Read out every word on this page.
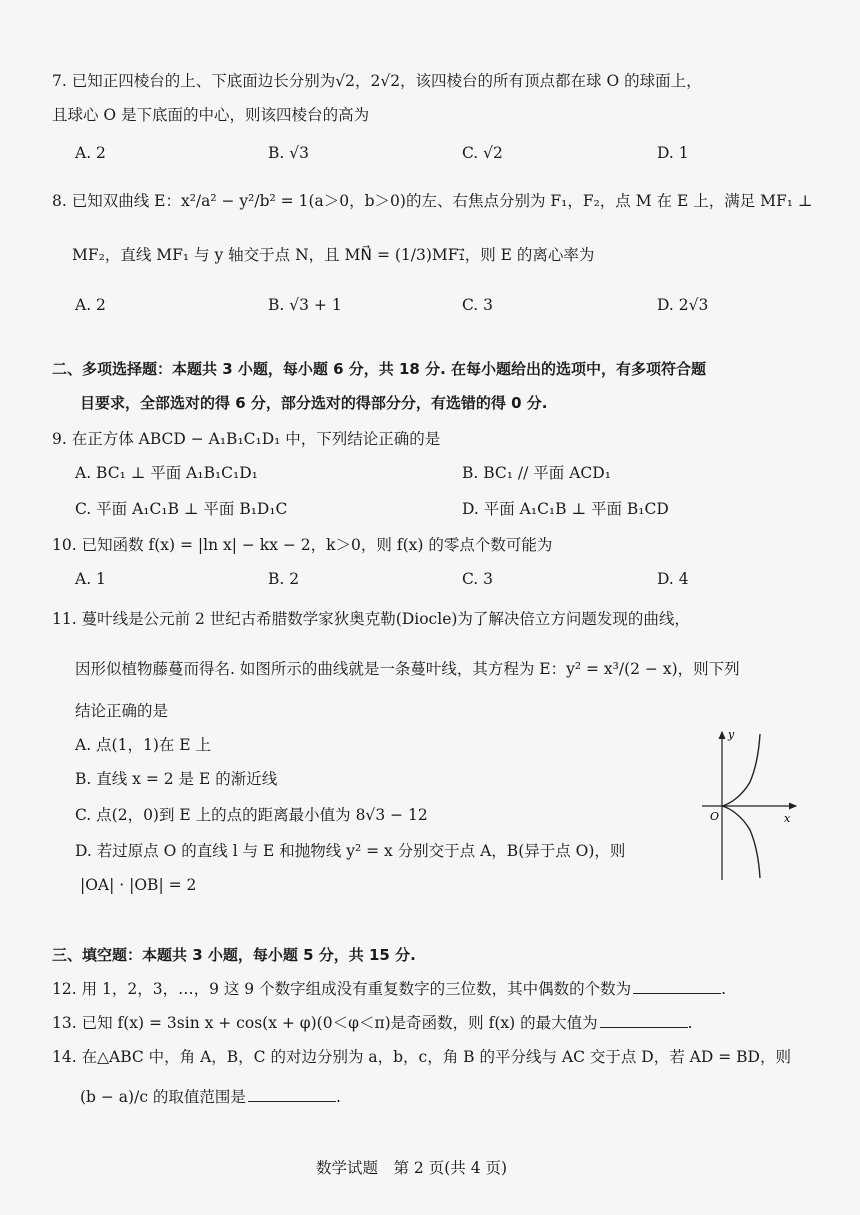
7. 已知正四棱台的上、下底面边长分别为√2，2√2，该四棱台的所有顶点都在球 O 的球面上，
且球心 O 是下底面的中心，则该四棱台的高为
A. 2	B. √3	C. √2	D. 1
8. 已知双曲线 E：x²/a² − y²/b² = 1(a＞0，b＞0)的左、右焦点分别为 F₁，F₂，点 M 在 E 上，满足 MF₁ ⊥
MF₂，直线 MF₁ 与 y 轴交于点 N，且 MN⃗ = (1/3)MF₁⃗，则 E 的离心率为
A. 2	B. √3 + 1	C. 3	D. 2√3
二、多项选择题：本题共 3 小题，每小题 6 分，共 18 分. 在每小题给出的选项中，有多项符合题
目要求，全部选对的得 6 分，部分选对的得部分分，有选错的得 0 分.
9. 在正方体 ABCD − A₁B₁C₁D₁ 中，下列结论正确的是
A. BC₁ ⊥ 平面 A₁B₁C₁D₁	B. BC₁ // 平面 ACD₁
C. 平面 A₁C₁B ⊥ 平面 B₁D₁C	D. 平面 A₁C₁B ⊥ 平面 B₁CD
10. 已知函数 f(x) = |ln x| − kx − 2，k＞0，则 f(x) 的零点个数可能为
A. 1	B. 2	C. 3	D. 4
11. 蔓叶线是公元前 2 世纪古希腊数学家狄奥克勒(Diocle)为了解决倍立方问题发现的曲线，
因形似植物藤蔓而得名. 如图所示的曲线就是一条蔓叶线，其方程为 E：y² = x³/(2 − x)，则下列
结论正确的是
A. 点(1，1)在 E 上
B. 直线 x = 2 是 E 的渐近线
C. 点(2，0)到 E 上的点的距离最小值为 8√3 − 12
D. 若过原点 O 的直线 l 与 E 和抛物线 y² = x 分别交于点 A，B(异于点 O)，则
|OA| · |OB| = 2
y
x
O
三、填空题：本题共 3 小题，每小题 5 分，共 15 分.
12. 用 1，2，3，…，9 这 9 个数字组成没有重复数字的三位数，其中偶数的个数为	.
13. 已知 f(x) = 3sin x + cos(x + φ)(0＜φ＜π)是奇函数，则 f(x) 的最大值为	.
14. 在△ABC 中，角 A，B，C 的对边分别为 a，b，c，角 B 的平分线与 AC 交于点 D，若 AD = BD，则
(b − a)/c 的取值范围是	.
数学试题　第 2 页(共 4 页)
